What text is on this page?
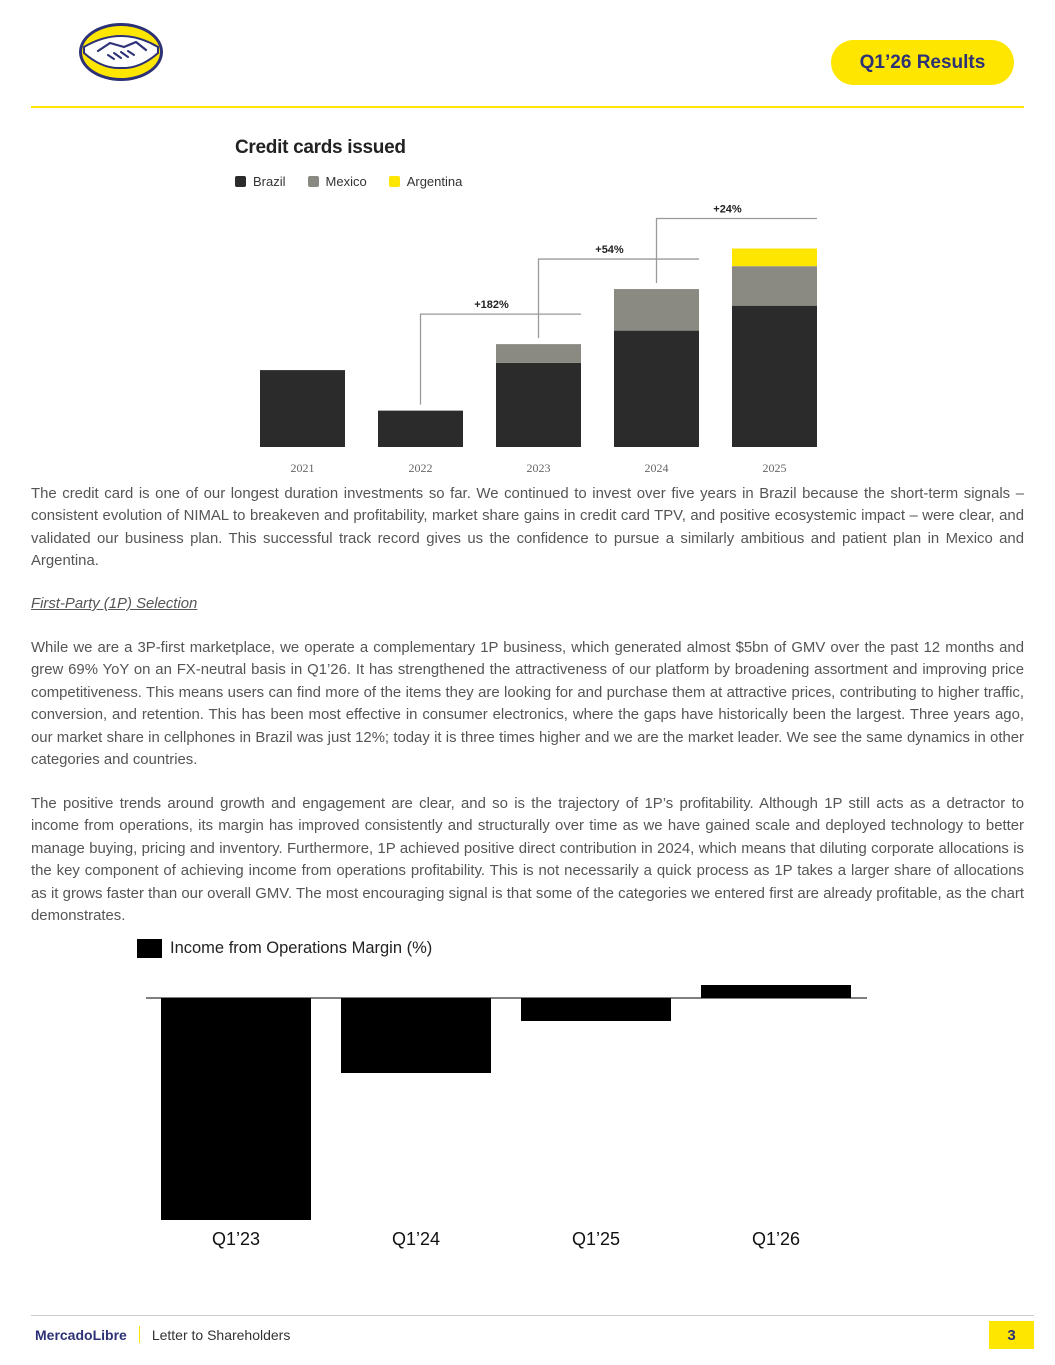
Q1’26 Results
Credit cards issued
Brazil	Mexico	Argentina
2021	2022	2023	2024	2025
+182%
+54%
+24%
The credit card is one of our longest duration investments so far. We continued to invest over five years in Brazil because the short-term signals – consistent evolution of NIMAL to breakeven and profitability, market share gains in credit card TPV, and positive ecosystemic impact – were clear, and validated our business plan. This successful track record gives us the confidence to pursue a similarly ambitious and patient plan in Mexico and Argentina.
First-Party (1P) Selection
While we are a 3P-first marketplace, we operate a complementary 1P business, which generated almost $5bn of GMV over the past 12 months and grew 69% YoY on an FX-neutral basis in Q1’26. It has strengthened the attractiveness of our platform by broadening assortment and improving price competitiveness. This means users can find more of the items they are looking for and purchase them at attractive prices, contributing to higher traffic, conversion, and retention. This has been most effective in consumer electronics, where the gaps have historically been the largest. Three years ago, our market share in cellphones in Brazil was just 12%; today it is three times higher and we are the market leader. We see the same dynamics in other categories and countries.
The positive trends around growth and engagement are clear, and so is the trajectory of 1P’s profitability. Although 1P still acts as a detractor to income from operations, its margin has improved consistently and structurally over time as we have gained scale and deployed technology to better manage buying, pricing and inventory. Furthermore, 1P achieved positive direct contribution in 2024, which means that diluting corporate allocations is the key component of achieving income from operations profitability. This is not necessarily a quick process as 1P takes a larger share of allocations as it grows faster than our overall GMV. The most encouraging signal is that some of the categories we entered first are already profitable, as the chart demonstrates.
Income from Operations Margin (%)
Q1’23	Q1’24	Q1’25	Q1’26
MercadoLibre Letter to Shareholders	3
